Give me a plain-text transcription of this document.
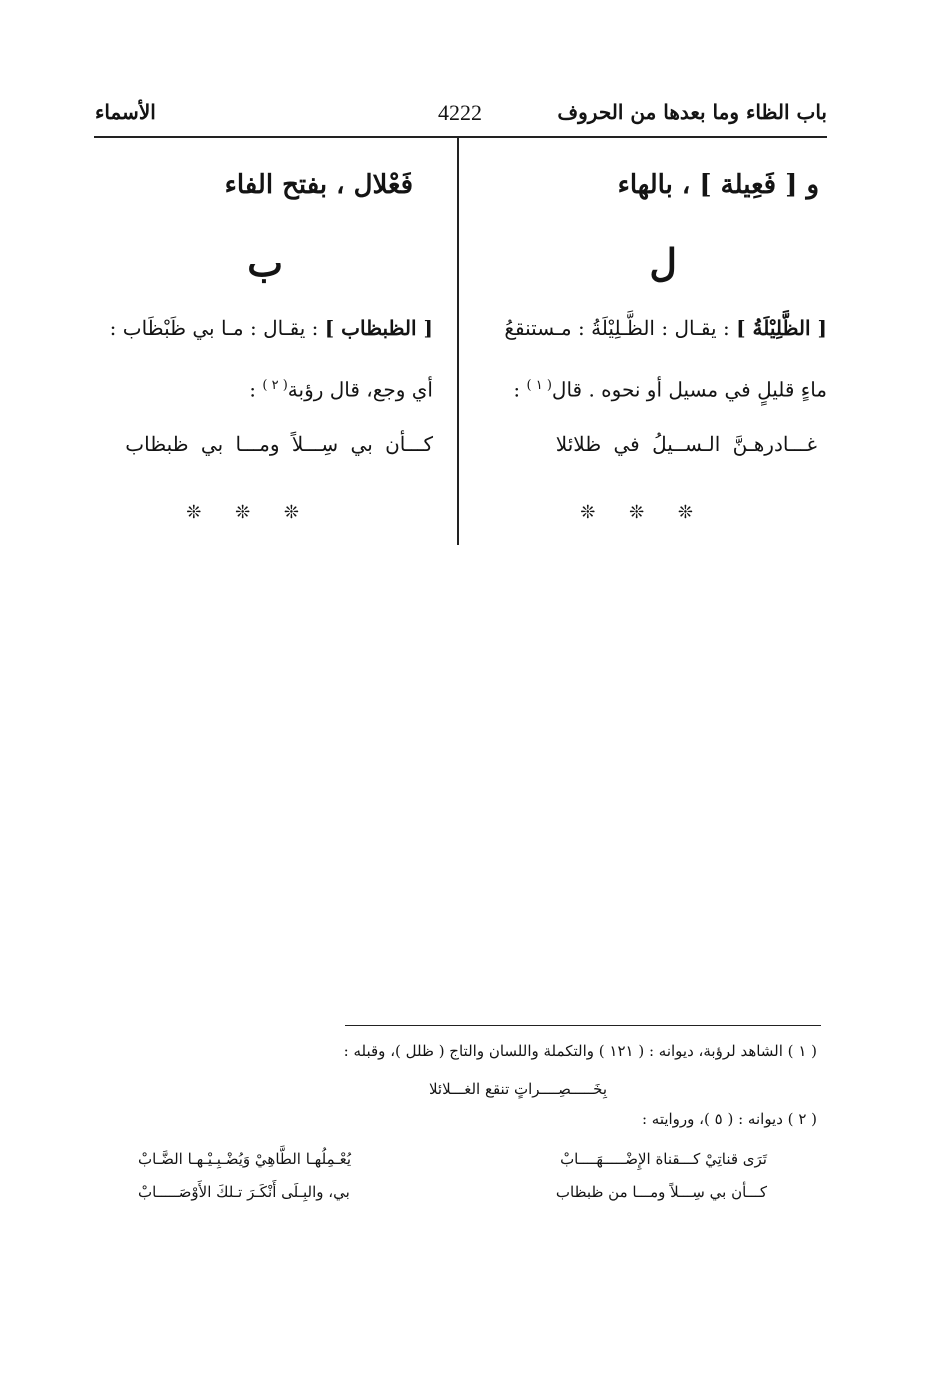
باب الظاء وما بعدها من الحروف
4222
الأسماء
و [ فَعِيلة ] ، بالهاء
ل
[ الظَّلِيْلَةُ ] : يقـال : الظَّـلِيْلَةُ : مـستنقعُ
ماءٍ قليلٍ في مسيل أو نحوه . قال$^{( ١ )}$ :
غـــادرهـنَّ الـســيلُ في ظلائلا
❊ ❊ ❊
فَعْلال ، بفتح الفاء
ب
[ الظبظاب ] : يقـال : مـا بي ظَبْظَاب :
أي وجع، قال رؤبة$^{( ٢ )}$ :
كـــأن بي سِـــلاً ومـــا بي ظبظاب
❊ ❊ ❊
( ١ ) الشاهد لرؤبة، ديوانه : ( ١٢١ ) والتكملة واللسان والتاج ( ظلل )، وقبله :
بِخَـــــصِــــراتٍ تنقع الغـــلائلا
( ٢ ) ديوانه : ( ٥ )، وروايته :
تَرَى قناتِيْ كـــقناة الإِضْـــــهَــــابْ
يُعْـمِلُهـا الطَّاهِيْ وَيُضْـبِـيْـهـا الضَّـابْ
كـــأن بي سِـــلاً ومـــا من ظبظاب
بي، والبِـلَى أَنْكَـرَ تـلكَ الأَوْصَـــــابْ
